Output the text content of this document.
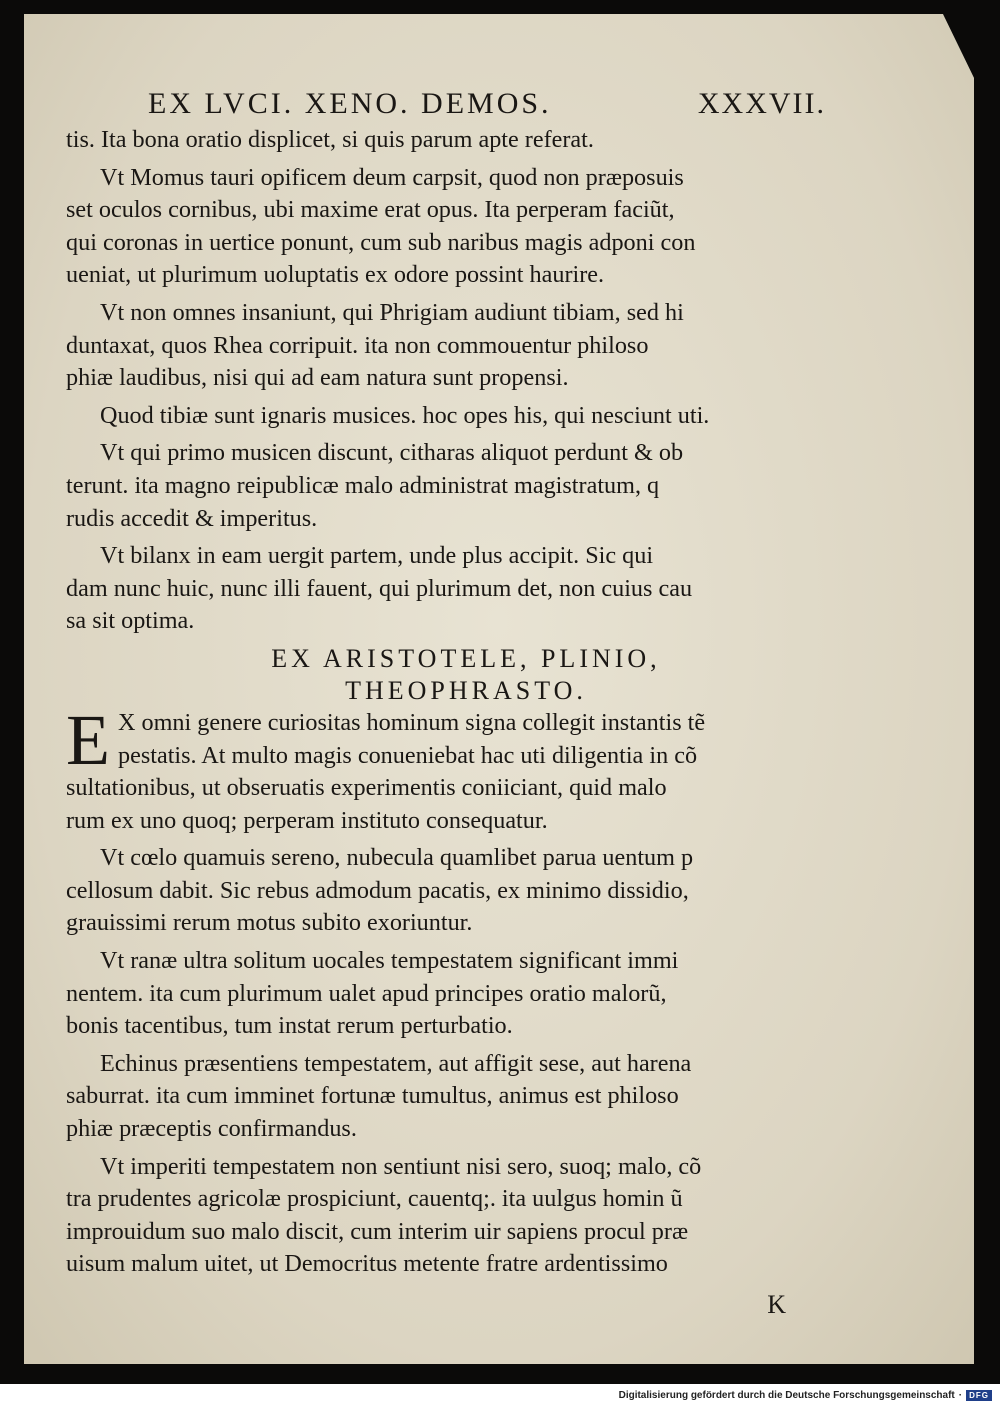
EX LVCI. XENO. DEMOS.	XXXVII.
tis. Ita bona oratio displicet, si quis parum apte referat.
Vt Momus tauri opificem deum carpsit, quod non præposuis
set oculos cornibus, ubi maxime erat opus. Ita perperam faciũt,
qui coronas in uertice ponunt, cum sub naribus magis adponi con
ueniat, ut plurimum uoluptatis ex odore possint haurire.
Vt non omnes insaniunt, qui Phrigiam audiunt tibiam, sed hi
duntaxat, quos Rhea corripuit. ita non commouentur philoso
phiæ laudibus, nisi qui ad eam natura sunt propensi.
Quod tibiæ sunt ignaris musices. hoc opes his, qui nesciunt uti.
Vt qui primo musicen discunt, citharas aliquot perdunt & ob
terunt. ita magno reipublicæ malo administrat magistratum, q
rudis accedit & imperitus.
Vt bilanx in eam uergit partem, unde plus accipit. Sic qui
dam nunc huic, nunc illi fauent, qui plurimum det, non cuius cau
sa sit optima.
EX ARISTOTELE, PLINIO,
THEOPHRASTO.
E X omni genere curiositas hominum signa collegit instantis tẽ
pestatis. At multo magis conueniebat hac uti diligentia in cõ
sultationibus, ut obseruatis experimentis coniiciant, quid malo
rum ex uno quoq; perperam instituto consequatur.
Vt cœlo quamuis sereno, nubecula quamlibet parua uentum p
cellosum dabit. Sic rebus admodum pacatis, ex minimo dissidio,
grauissimi rerum motus subito exoriuntur.
Vt ranæ ultra solitum uocales tempestatem significant immi
nentem. ita cum plurimum ualet apud principes oratio malorũ,
bonis tacentibus, tum instat rerum perturbatio.
Echinus præsentiens tempestatem, aut affigit sese, aut harena
saburrat. ita cum imminet fortunæ tumultus, animus est philoso
phiæ præceptis confirmandus.
Vt imperiti tempestatem non sentiunt nisi sero, suoq; malo, cõ
tra prudentes agricolæ prospiciunt, cauentq;. ita uulgus homin ũ
improuidum suo malo discit, cum interim uir sapiens procul præ
uisum malum uitet, ut Democritus metente fratre ardentissimo
K
Digitalisierung gefördert durch die Deutsche Forschungsgemeinschaft · DFG
